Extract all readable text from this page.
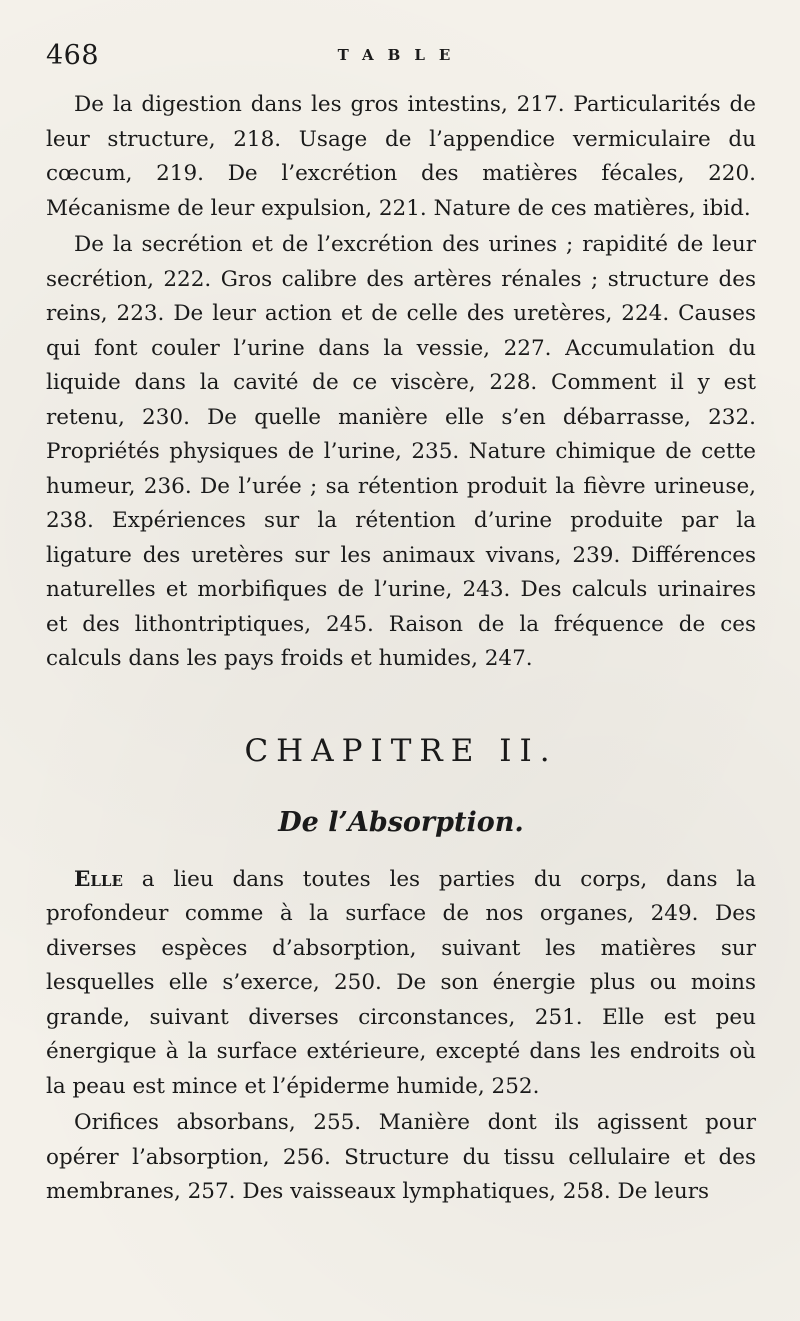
468	TABLE

De la digestion dans les gros intestins, 217. Particularités de leur structure, 218. Usage de l’appendice vermiculaire du cœcum, 219. De l’excrétion des matières fécales, 220. Mécanisme de leur expulsion, 221. Nature de ces matières, ibid.

De la secrétion et de l’excrétion des urines ; rapidité de leur secrétion, 222. Gros calibre des artères rénales ; structure des reins, 223. De leur action et de celle des uretères, 224. Causes qui font couler l’urine dans la vessie, 227. Accumulation du liquide dans la cavité de ce viscère, 228. Comment il y est retenu, 230. De quelle manière elle s’en débarrasse, 232. Propriétés physiques de l’urine, 235. Nature chimique de cette humeur, 236. De l’urée ; sa rétention produit la fièvre urineuse, 238. Expériences sur la rétention d’urine produite par la ligature des uretères sur les animaux vivans, 239. Différences naturelles et morbifiques de l’urine, 243. Des calculs urinaires et des lithontriptiques, 245. Raison de la fréquence de ces calculs dans les pays froids et humides, 247.

CHAPITRE II.
De l’Absorption.

Elle a lieu dans toutes les parties du corps, dans la profondeur comme à la surface de nos organes, 249. Des diverses espèces d’absorption, suivant les matières sur lesquelles elle s’exerce, 250. De son énergie plus ou moins grande, suivant diverses circonstances, 251. Elle est peu énergique à la surface extérieure, excepté dans les endroits où la peau est mince et l’épiderme humide, 252.

Orifices absorbans, 255. Manière dont ils agissent pour opérer l’absorption, 256. Structure du tissu cellulaire et des membranes, 257. Des vaisseaux lymphatiques, 258. De leurs
